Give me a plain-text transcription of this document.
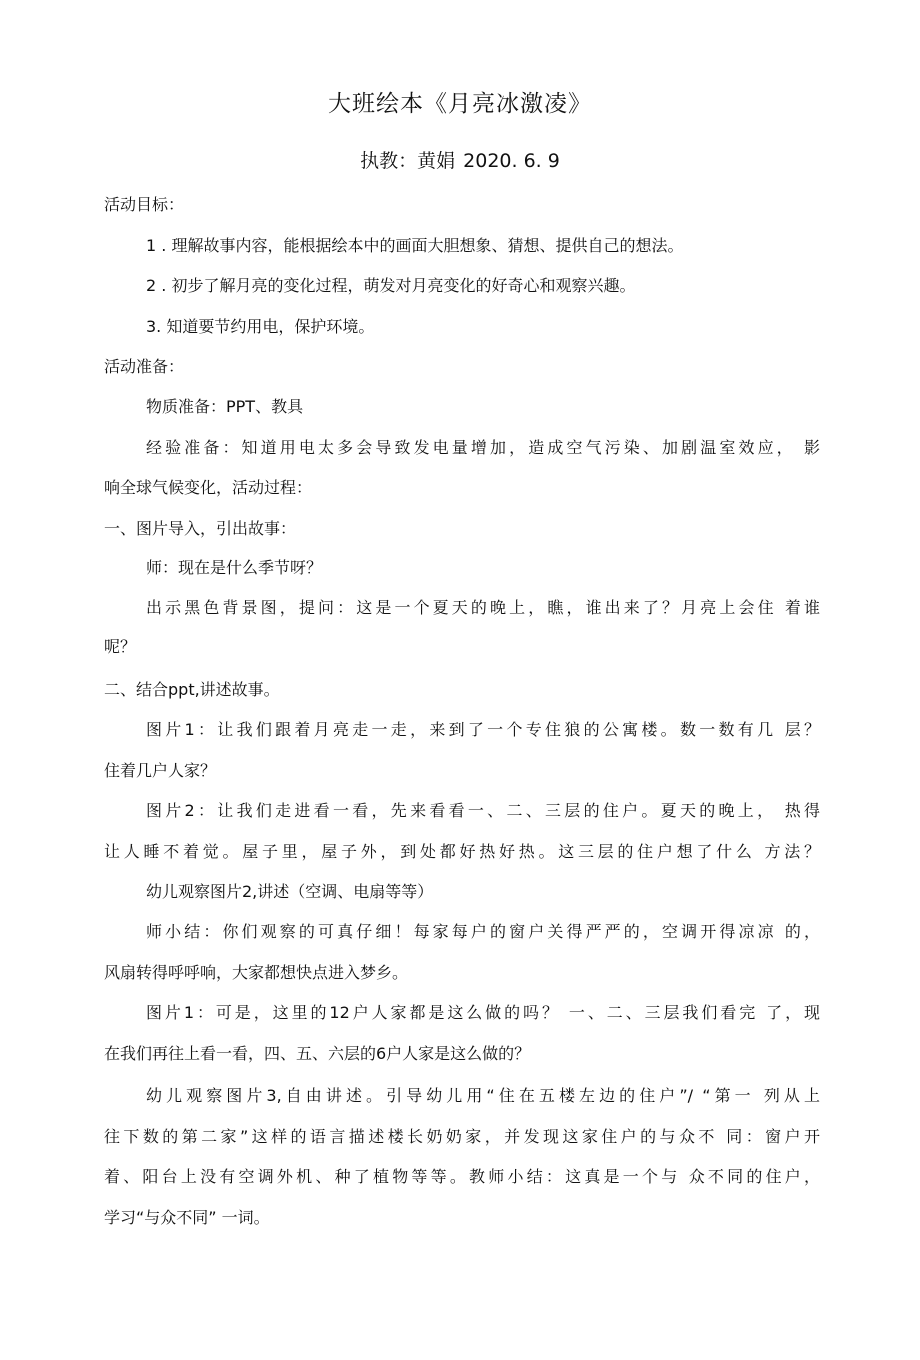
大班绘本《月亮冰激凌》
执教：黄娟 2020. 6. 9
活动目标：
1 . 理解故事内容，能根据绘本中的画面大胆想象、猜想、提供自己的想法。
2 . 初步了解月亮的变化过程，萌发对月亮变化的好奇心和观察兴趣。
3. 知道要节约用电，保护环境。
活动准备：
物质准备：PPT、教具
经验准备：知道用电太多会导致发电量增加，造成空气污染、加剧温室效应， 影
响全球气候变化，活动过程：
一、图片导入，引出故事：
师：现在是什么季节呀？
出示黑色背景图，提问：这是一个夏天的晚上，瞧，谁出来了？月亮上会住 着谁
呢？
二、结合ppt,讲述故事。
图片1：让我们跟着月亮走一走，来到了一个专住狼的公寓楼。数一数有几 层？
住着几户人家？
图片2：让我们走进看一看，先来看看一、二、三层的住户。夏天的晚上， 热得
让人睡不着觉。屋子里，屋子外，到处都好热好热。这三层的住户想了什么 方法？
幼儿观察图片2,讲述（空调、电扇等等）
师小结：你们观察的可真仔细！每家每户的窗户关得严严的，空调开得凉凉 的，
风扇转得呼呼响，大家都想快点进入梦乡。
图片1：可是，这里的12户人家都是这么做的吗？ 一、二、三层我们看完 了，现
在我们再往上看一看，四、五、六层的6户人家是这么做的？
幼儿观察图片3,自由讲述。引导幼儿用“住在五楼左边的住户”/ “第一 列从上
往下数的第二家”这样的语言描述楼长奶奶家，并发现这家住户的与众不 同：窗户开
着、阳台上没有空调外机、种了植物等等。教师小结：这真是一个与 众不同的住户，
学习“与众不同” 一词。
